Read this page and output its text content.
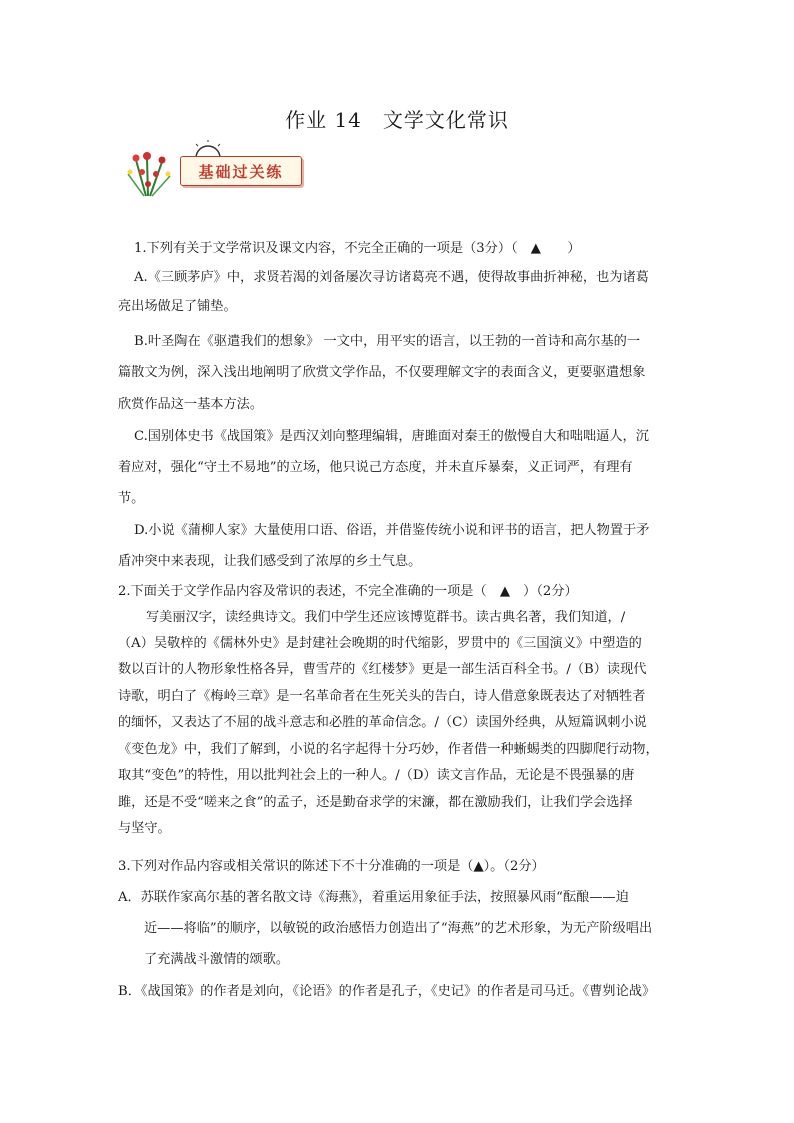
作业 14　文学文化常识
基础过关练
1.下列有关于文学常识及课文内容，不完全正确的一项是（3分）（　▲　　）
A.《三顾茅庐》中，求贤若渴的刘备屡次寻访诸葛亮不遇，使得故事曲折神秘，也为诸葛
亮出场做足了铺垫。
B.叶圣陶在《驱遣我们的想象》 一文中，用平实的语言，以王勃的一首诗和高尔基的一
篇散文为例，深入浅出地阐明了欣赏文学作品，不仅要理解文字的表面含义，更要驱遣想象
欣赏作品这一基本方法。
C.国别体史书《战国策》是西汉刘向整理编辑，唐雎面对秦王的傲慢自大和咄咄逼人，沉
着应对，强化“守土不易地”的立场，他只说己方态度，并未直斥暴秦，义正词严，有理有
节。
D.小说《蒲柳人家》大量使用口语、俗语，并借鉴传统小说和评书的语言，把人物置于矛
盾冲突中来表现，让我们感受到了浓厚的乡土气息。
2.下面关于文学作品内容及常识的表述，不完全准确的一项是（　▲　）（2分）
写美丽汉字，读经典诗文。我们中学生还应该博览群书。读古典名著，我们知道，/
（A）吴敬梓的《儒林外史》是封建社会晚期的时代缩影，罗贯中的《三国演义》中塑造的
数以百计的人物形象性格各异，曹雪芹的《红楼梦》更是一部生活百科全书。/（B）读现代
诗歌，明白了《梅岭三章》是一名革命者在生死关头的告白，诗人借意象既表达了对牺牲者
的缅怀，又表达了不屈的战斗意志和必胜的革命信念。/（C）读国外经典，从短篇讽刺小说
《变色龙》中，我们了解到，小说的名字起得十分巧妙，作者借一种蜥蜴类的四脚爬行动物，
取其“变色”的特性，用以批判社会上的一种人。/（D）读文言作品，无论是不畏强暴的唐
雎，还是不受“嗟来之食”的孟子，还是勤奋求学的宋濂，都在激励我们，让我们学会选择
与坚守。
3.下列对作品内容或相关常识的陈述下不十分准确的一项是（▲）。（2分）
A．苏联作家高尔基的著名散文诗《海燕》，着重运用象征手法，按照暴风雨“酝酿——迫
近——将临”的顺序，以敏锐的政治感悟力创造出了“海燕”的艺术形象，为无产阶级唱出
了充满战斗激情的颂歌。
B．《战国策》的作者是刘向，《论语》的作者是孔子，《史记》的作者是司马迁。《曹刿论战》
